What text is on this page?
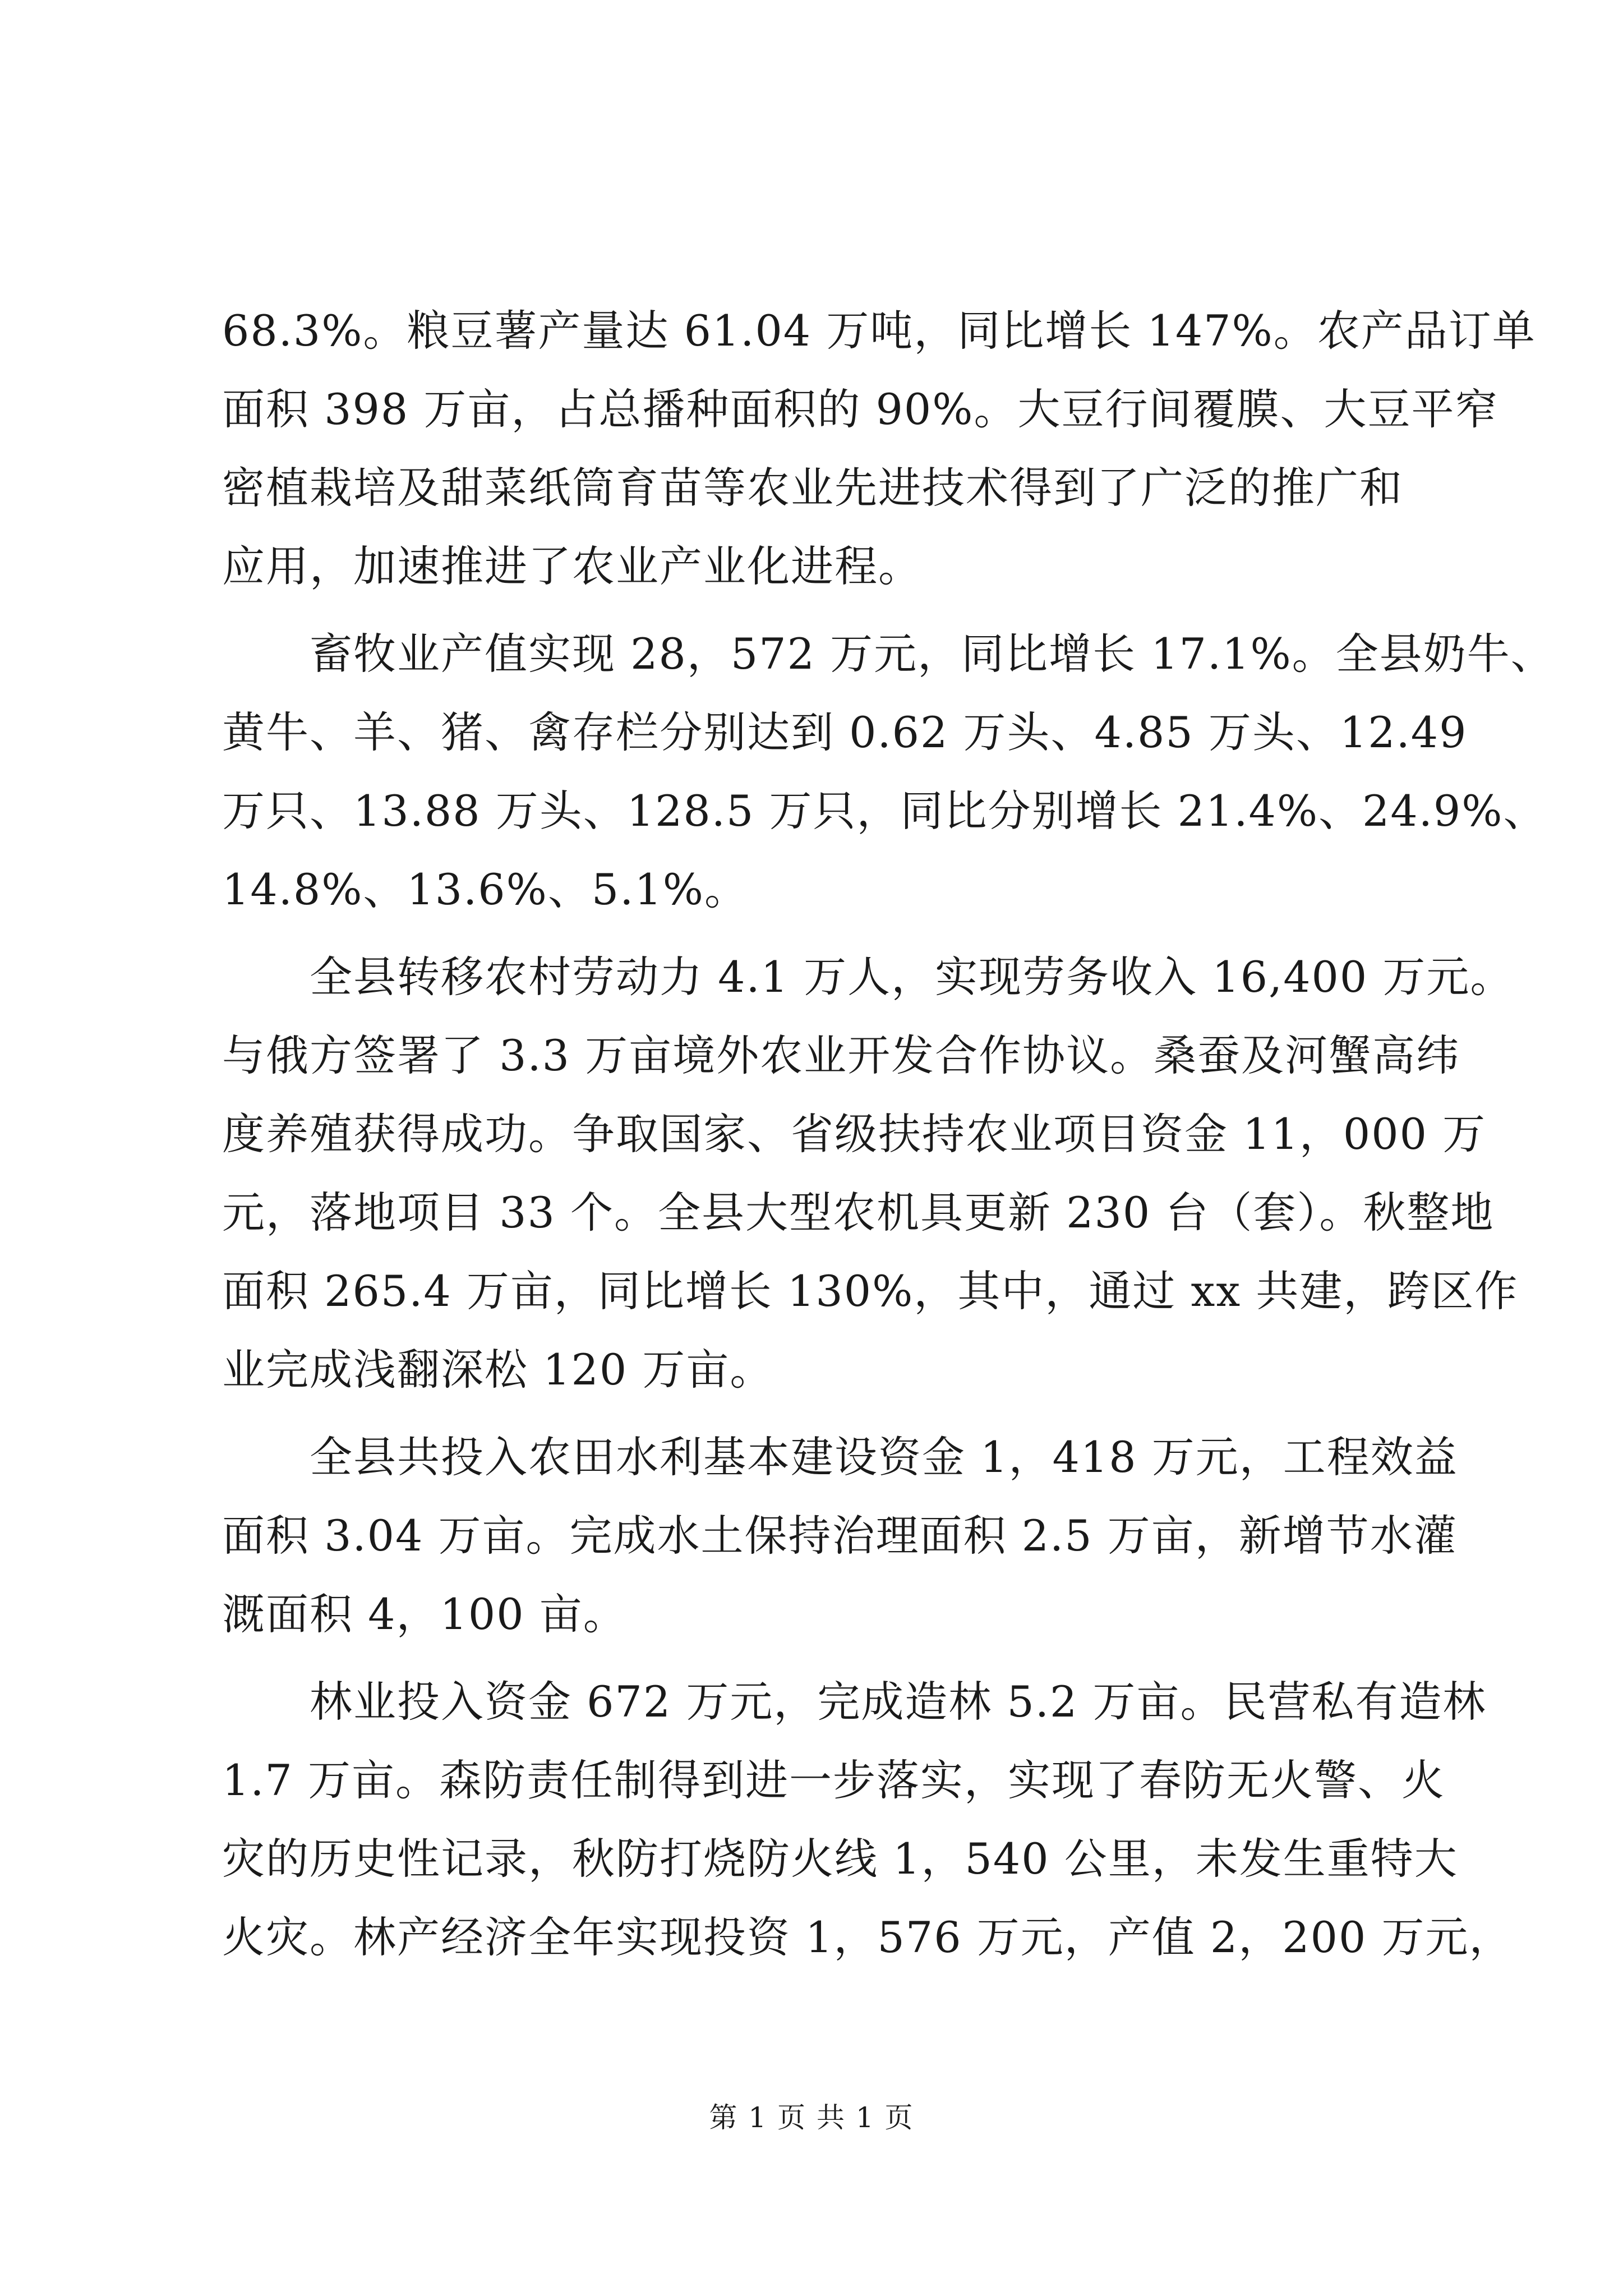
68.3%。粮豆薯产量达 61.04 万吨，同比增长 147%。农产品订单
面积 398 万亩，占总播种面积的 90%。大豆行间覆膜、大豆平窄
密植栽培及甜菜纸筒育苗等农业先进技术得到了广泛的推广和
应用，加速推进了农业产业化进程。
　　畜牧业产值实现 28，572 万元，同比增长 17.1%。全县奶牛、
黄牛、羊、猪、禽存栏分别达到 0.62 万头、4.85 万头、12.49
万只、13.88 万头、128.5 万只，同比分别增长 21.4%、24.9%、
14.8%、13.6%、5.1%。
　　全县转移农村劳动力 4.1 万人，实现劳务收入 16,400 万元。
与俄方签署了 3.3 万亩境外农业开发合作协议。桑蚕及河蟹高纬
度养殖获得成功。争取国家、省级扶持农业项目资金 11，000 万
元，落地项目 33 个。全县大型农机具更新 230 台（套）。秋整地
面积 265.4 万亩，同比增长 130%，其中，通过 xx 共建，跨区作
业完成浅翻深松 120 万亩。
　　全县共投入农田水利基本建设资金 1，418 万元，工程效益
面积 3.04 万亩。完成水土保持治理面积 2.5 万亩，新增节水灌
溉面积 4，100 亩。
　　林业投入资金 672 万元，完成造林 5.2 万亩。民营私有造林
1.7 万亩。森防责任制得到进一步落实，实现了春防无火警、火
灾的历史性记录，秋防打烧防火线 1，540 公里，未发生重特大
火灾。林产经济全年实现投资 1，576 万元，产值 2，200 万元，
第 1 页 共 1 页
